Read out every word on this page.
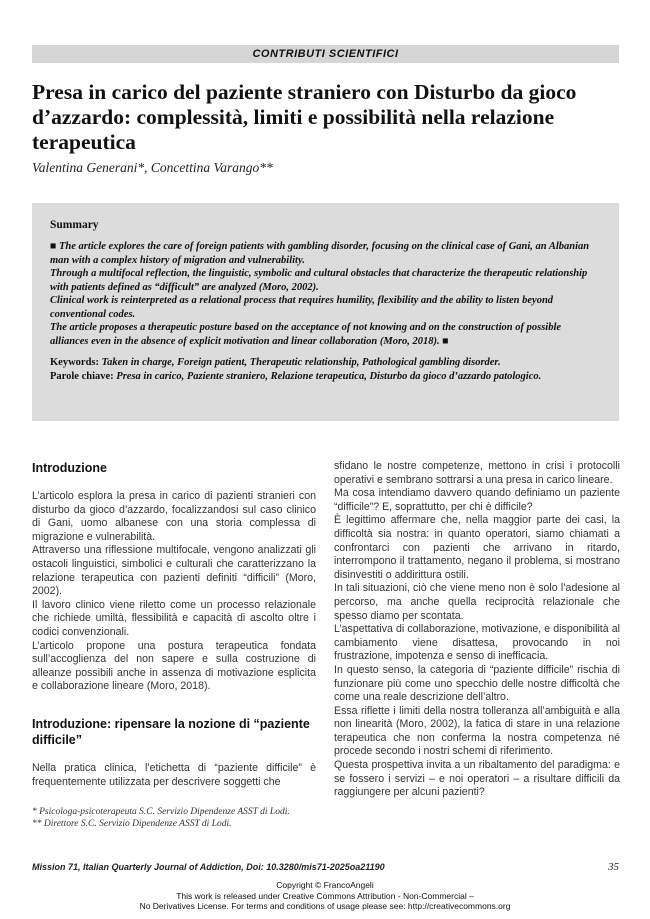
CONTRIBUTI SCIENTIFICI
Presa in carico del paziente straniero con Disturbo da gioco d’azzardo: complessità, limiti e possibilità nella relazione terapeutica
Valentina Generani*, Concettina Varango**
Summary

■ The article explores the care of foreign patients with gambling disorder, focusing on the clinical case of Gani, an Albanian man with a complex history of migration and vulnerability.

Through a multifocal reflection, the linguistic, symbolic and cultural obstacles that characterize the therapeutic relationship with patients defined as “difficult” are analyzed (Moro, 2002).

Clinical work is reinterpreted as a relational process that requires humility, flexibility and the ability to listen beyond conventional codes.

The article proposes a therapeutic posture based on the acceptance of not knowing and on the construction of possible alliances even in the absence of explicit motivation and linear collaboration (Moro, 2018). ■

Keywords: Taken in charge, Foreign patient, Therapeutic relationship, Pathological gambling disorder.
Parole chiave: Presa in carico, Paziente straniero, Relazione terapeutica, Disturbo da gioco d’azzardo patologico.
Introduzione

L’articolo esplora la presa in carico di pazienti stranieri con disturbo da gioco d’azzardo, focalizzandosi sul caso clinico di Gani, uomo albanese con una storia complessa di migrazione e vulnerabilità.

Attraverso una riflessione multifocale, vengono analizzati gli ostacoli linguistici, simbolici e culturali che caratterizzano la relazione terapeutica con pazienti definiti “difficili” (Moro, 2002).

Il lavoro clinico viene riletto come un processo relazionale che richiede umiltà, flessibilità e capacità di ascolto oltre i codici convenzionali.

L’articolo propone una postura terapeutica fondata sull’accoglienza del non sapere e sulla costruzione di alleanze possibili anche in assenza di motivazione esplicita e collaborazione lineare (Moro, 2018).

Introduzione: ripensare la nozione di “paziente difficile”

Nella pratica clinica, l’etichetta di “paziente difficile” è frequentemente utilizzata per descrivere soggetti che

* Psicologa-psicoterapeuta S.C. Servizio Dipendenze ASST di Lodi.
** Direttore S.C. Servizio Dipendenze ASST di Lodi.

sfidano le nostre competenze, mettono in crisi i protocolli operativi e sembrano sottrarsi a una presa in carico lineare.

Ma cosa intendiamo davvero quando definiamo un paziente “difficile”? E, soprattutto, per chi è difficile?

È legittimo affermare che, nella maggior parte dei casi, la difficoltà sia nostra: in quanto operatori, siamo chiamati a confrontarci con pazienti che arrivano in ritardo, interrompono il trattamento, negano il problema, si mostrano disinvestiti o addirittura ostili.

In tali situazioni, ciò che viene meno non è solo l’adesione al percorso, ma anche quella reciprocità relazionale che spesso diamo per scontata.

L’aspettativa di collaborazione, motivazione, e disponibilità al cambiamento viene disattesa, provocando in noi frustrazione, impotenza e senso di inefficacia.

In questo senso, la categoria di “paziente difficile” rischia di funzionare più come uno specchio delle nostre difficoltà che come una reale descrizione dell’altro.

Essa riflette i limiti della nostra tolleranza all’ambiguità e alla non linearità (Moro, 2002), la fatica di stare in una relazione terapeutica che non conferma la nostra competenza né procede secondo i nostri schemi di riferimento.

Questa prospettiva invita a un ribaltamento del paradigma: e se fossero i servizi – e noi operatori – a risultare difficili da raggiungere per alcuni pazienti?

Mission 71, Italian Quarterly Journal of Addiction, Doi: 10.3280/mis71-2025oa21190	35
Copyright © FrancoAngeli
This work is released under Creative Commons Attribution - Non-Commercial –
No Derivatives License. For terms and conditions of usage please see: http://creativecommons.org
